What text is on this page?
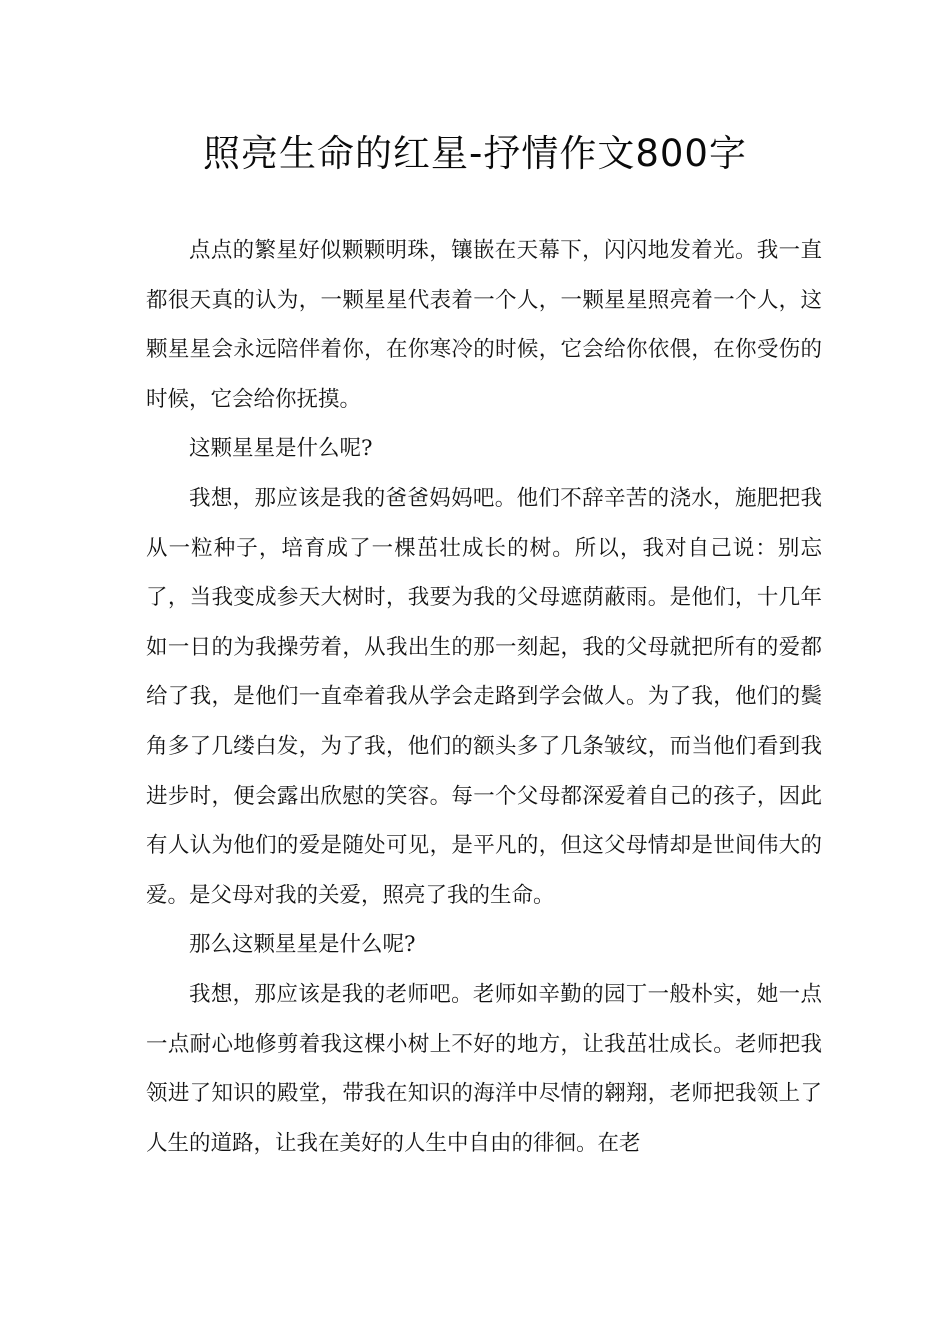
照亮生命的红星-抒情作文800字

点点的繁星好似颗颗明珠，镶嵌在天幕下，闪闪地发着光。我一直都很天真的认为，一颗星星代表着一个人，一颗星星照亮着一个人，这颗星星会永远陪伴着你，在你寒冷的时候，它会给你依偎，在你受伤的时候，它会给你抚摸。

这颗星星是什么呢?

我想，那应该是我的爸爸妈妈吧。他们不辞辛苦的浇水，施肥把我从一粒种子，培育成了一棵茁壮成长的树。所以，我对自己说：别忘了，当我变成参天大树时，我要为我的父母遮荫蔽雨。是他们，十几年如一日的为我操劳着，从我出生的那一刻起，我的父母就把所有的爱都给了我，是他们一直牵着我从学会走路到学会做人。为了我，他们的鬓角多了几缕白发，为了我，他们的额头多了几条皱纹，而当他们看到我进步时，便会露出欣慰的笑容。每一个父母都深爱着自己的孩子，因此有人认为他们的爱是随处可见，是平凡的，但这父母情却是世间伟大的爱。是父母对我的关爱，照亮了我的生命。

那么这颗星星是什么呢?

我想，那应该是我的老师吧。老师如辛勤的园丁一般朴实，她一点一点耐心地修剪着我这棵小树上不好的地方，让我茁壮成长。老师把我领进了知识的殿堂，带我在知识的海洋中尽情的翱翔，老师把我领上了人生的道路，让我在美好的人生中自由的徘徊。在老
